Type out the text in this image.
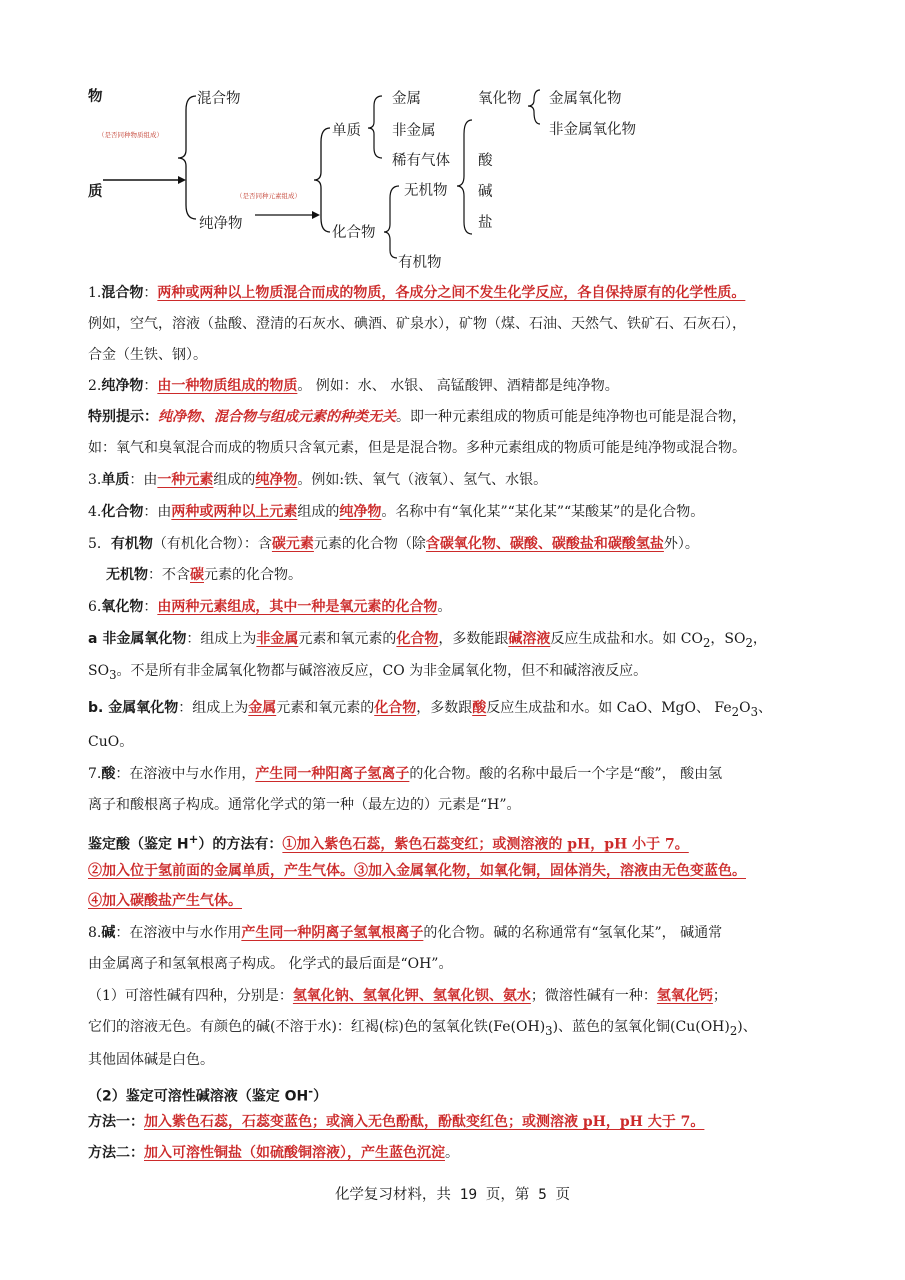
物
质
（是否同种物质组成）
混合物
纯净物
（是否同种元素组成）
单质
金属
非金属
稀有气体
化合物
无机物
有机物
氧化物 金属氧化物
非金属氧化物
酸
碱
盐
1.混合物：两种或两种以上物质混合而成的物质，各成分之间不发生化学反应，各自保持原有的化学性质。
例如，空气，溶液（盐酸、澄清的石灰水、碘酒、矿泉水），矿物（煤、石油、天然气、铁矿石、石灰石），
合金（生铁、钢）。
2.纯净物：由一种物质组成的物质。 例如：水、 水银、 高锰酸钾、酒精都是纯净物。
特别提示：纯净物、混合物与组成元素的种类无关。即一种元素组成的物质可能是纯净物也可能是混合物，
如：氧气和臭氧混合而成的物质只含氧元素，但是是混合物。多种元素组成的物质可能是纯净物或混合物。
3.单质：由一种元素组成的纯净物。例如:铁、氧气（液氧）、氢气、水银。
4.化合物：由两种或两种以上元素组成的纯净物。名称中有“氧化某”“某化某”“某酸某”的是化合物。
5．有机物（有机化合物）：含碳元素元素的化合物（除含碳氧化物、碳酸、碳酸盐和碳酸氢盐外）。
无机物：不含碳元素的化合物。
6.氧化物：由两种元素组成，其中一种是氧元素的化合物。
a 非金属氧化物：组成上为非金属元素和氧元素的化合物，多数能跟碱溶液反应生成盐和水。如 $CO_2$，$SO_2$，
$SO_3$。不是所有非金属氧化物都与碱溶液反应，CO 为非金属氧化物，但不和碱溶液反应。
b. 金属氧化物：组成上为金属元素和氧元素的化合物，多数跟酸反应生成盐和水。如 CaO、MgO、 $Fe_2O_3$、
CuO。
7.酸：在溶液中与水作用，产生同一种阳离子氢离子的化合物。酸的名称中最后一个字是“酸”， 酸由氢
离子和酸根离子构成。通常化学式的第一种（最左边的）元素是“H”。
鉴定酸（鉴定 H+）的方法有：①加入紫色石蕊，紫色石蕊变红；或测溶液的 pH，pH 小于 7。
②加入位于氢前面的金属单质，产生气体。③加入金属氧化物，如氧化铜，固体消失，溶液由无色变蓝色。
④加入碳酸盐产生气体。
8.碱：在溶液中与水作用产生同一种阴离子氢氧根离子的化合物。碱的名称通常有“氢氧化某”， 碱通常
由金属离子和氢氧根离子构成。 化学式的最后面是“OH”。
（1）可溶性碱有四种，分别是：氢氧化钠、氢氧化钾、氢氧化钡、氨水；微溶性碱有一种：氢氧化钙；
它们的溶液无色。有颜色的碱(不溶于水)：红褐(棕)色的氢氧化铁$(Fe(OH)_3)$、蓝色的氢氧化铜$(Cu(OH)_2)$、
其他固体碱是白色。
（2）鉴定可溶性碱溶液（鉴定 OH-）
方法一：加入紫色石蕊，石蕊变蓝色；或滴入无色酚酞，酚酞变红色；或测溶液 pH，pH 大于 7。
方法二：加入可溶性铜盐（如硫酸铜溶液），产生蓝色沉淀。
化学复习材料，共 19 页，第 5 页
